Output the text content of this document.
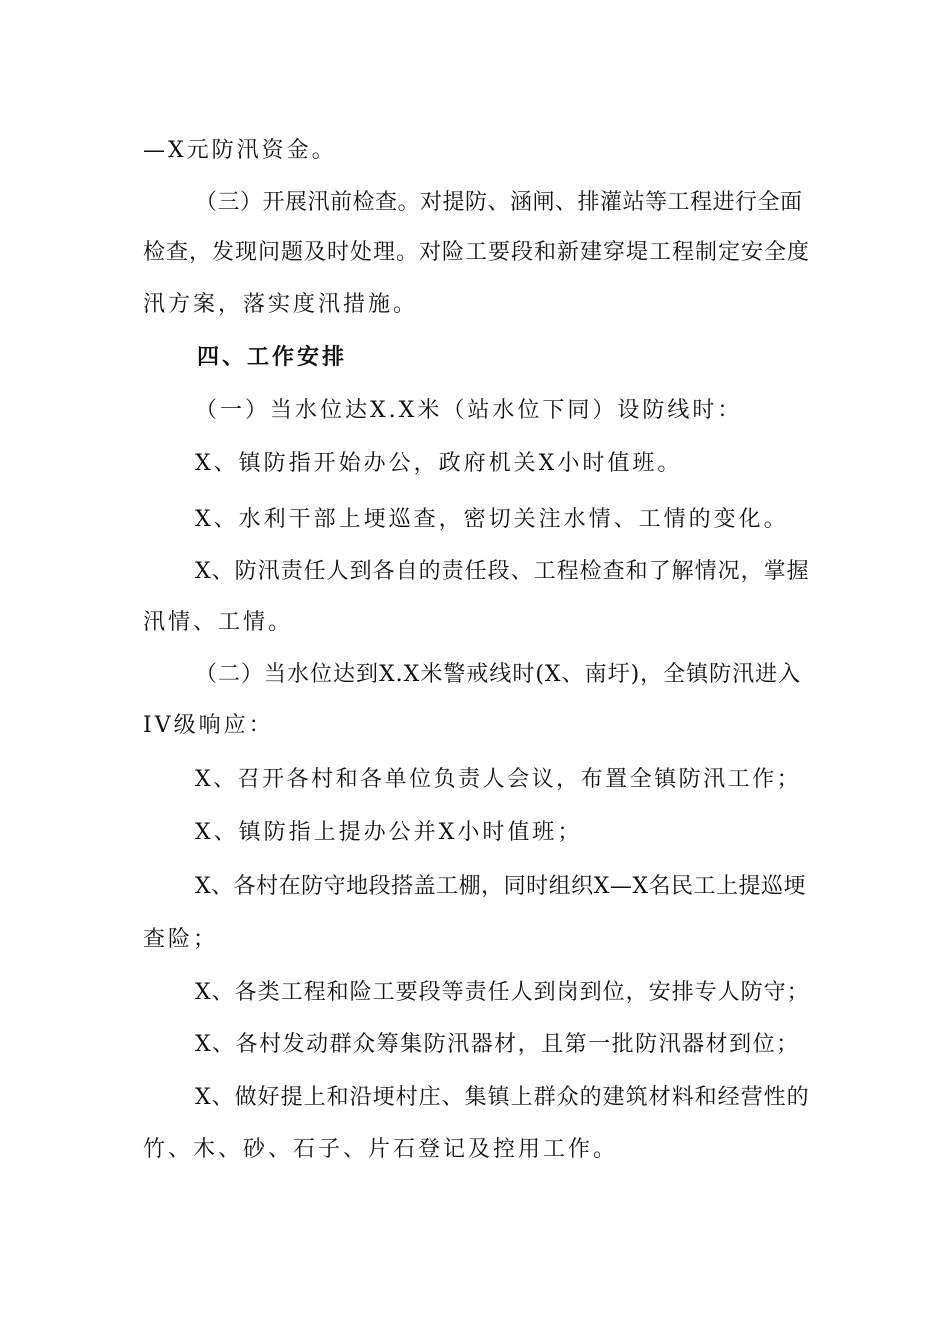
—X元防汛资金。
（三）开展汛前检查。对提防、涵闸、排灌站等工程进行全面
检查，发现问题及时处理。对险工要段和新建穿堤工程制定安全度
汛方案，落实度汛措施。
四、工作安排
（一）当水位达X.X米（站水位下同）设防线时：
X、镇防指开始办公，政府机关X小时值班。
X、水利干部上埂巡查，密切关注水情、工情的变化。
X、防汛责任人到各自的责任段、工程检查和了解情况，掌握
汛情、工情。
（二）当水位达到X.X米警戒线时(X、南圩)，全镇防汛进入
IV级响应：
X、召开各村和各单位负责人会议，布置全镇防汛工作；
X、镇防指上提办公并X小时值班；
X、各村在防守地段搭盖工棚，同时组织X—X名民工上提巡埂
查险；
X、各类工程和险工要段等责任人到岗到位，安排专人防守；
X、各村发动群众筹集防汛器材，且第一批防汛器材到位；
X、做好提上和沿埂村庄、集镇上群众的建筑材料和经营性的
竹、木、砂、石子、片石登记及控用工作。
